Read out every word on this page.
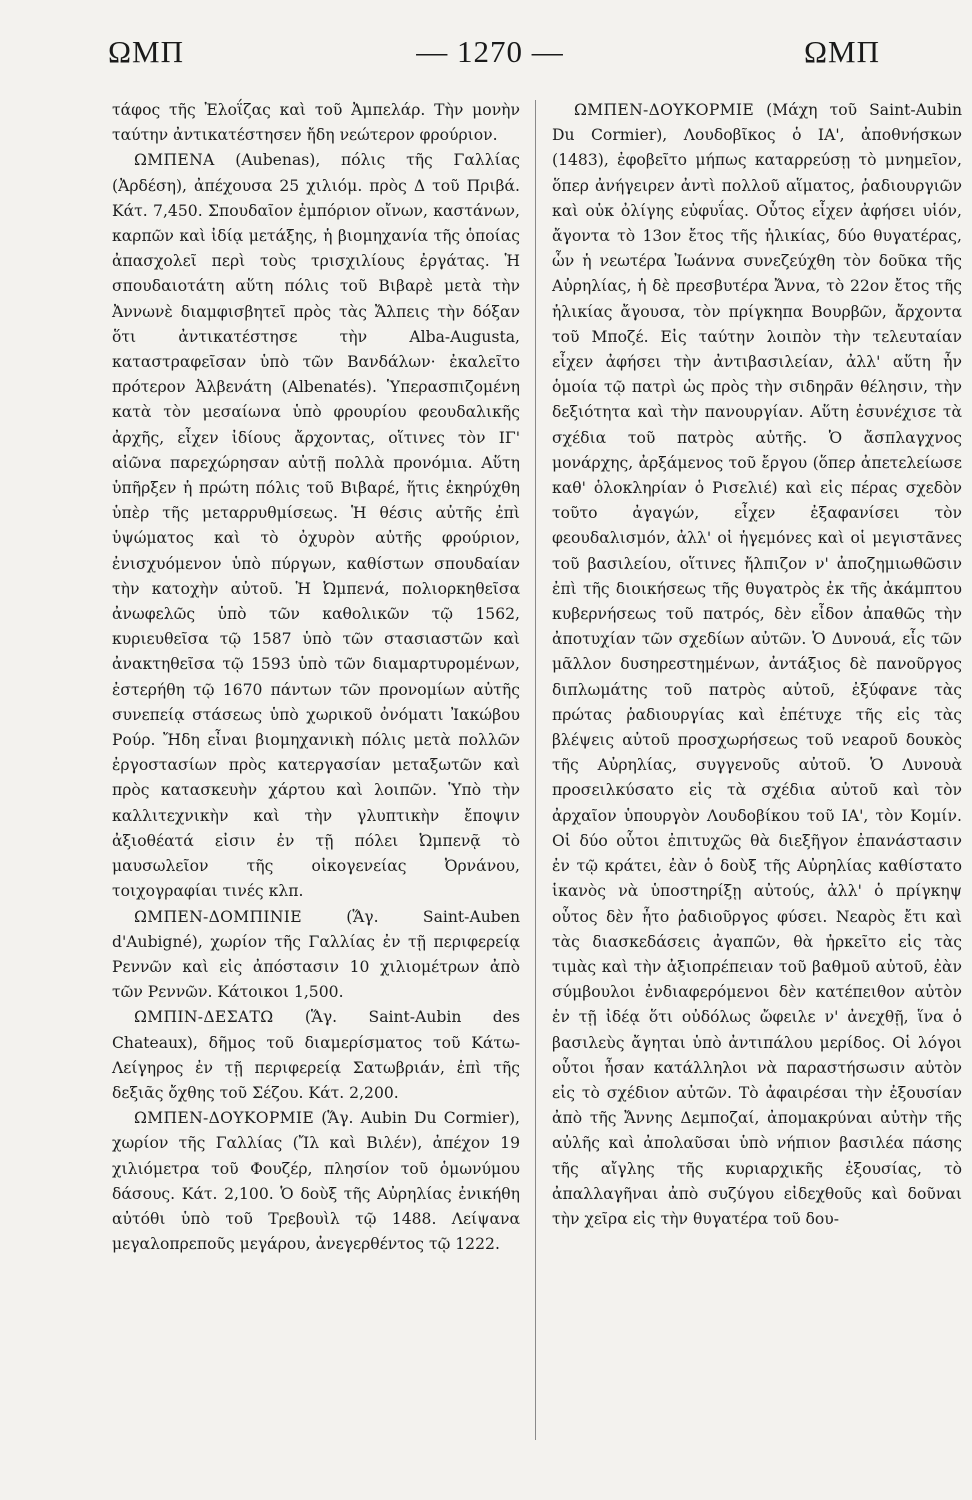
ΩΜΠ	— 1270 —	ΩΜΠ

τάφος τῆς Ἐλοΐζας καὶ τοῦ Ἀμπελάρ. Τὴν μονὴν ταύτην ἀντικατέστησεν ἤδη νεώτερον φρούριον.

ΩΜΠΕΝΑ (Aubenas), πόλις τῆς Γαλλίας (Ἀρδέση), ἀπέχουσα 25 χιλιόμ. πρὸς Δ τοῦ Πριβά. Κάτ. 7,450. Σπουδαῖον ἐμπόριον οἴνων, καστάνων, καρπῶν καὶ ἰδίᾳ μετάξης, ἡ βιομηχανία τῆς ὁποίας ἀπασχολεῖ περὶ τοὺς τρισχιλίους ἐργάτας. Ἡ σπουδαιοτάτη αὕτη πόλις τοῦ Βιβαρὲ μετὰ τὴν Ἀννωνὲ διαμφισβητεῖ πρὸς τὰς Ἄλπεις τὴν δόξαν ὅτι ἀντικατέστησε τὴν Alba-Augusta, καταστραφεῖσαν ὑπὸ τῶν Βανδάλων· ἐκαλεῖτο πρότερον Ἀλβενάτη (Albenatés). Ὑπερασπιζομένη κατὰ τὸν μεσαίωνα ὑπὸ φρουρίου φεουδαλικῆς ἀρχῆς, εἶχεν ἰδίους ἄρχοντας, οἵτινες τὸν ΙΓ' αἰῶνα παρεχώρησαν αὐτῇ πολλὰ προνόμια. Αὕτη ὑπῆρξεν ἡ πρώτη πόλις τοῦ Βιβαρέ, ἥτις ἐκηρύχθη ὑπὲρ τῆς μεταρρυθμίσεως. Ἡ θέσις αὐτῆς ἐπὶ ὑψώματος καὶ τὸ ὀχυρὸν αὐτῆς φρούριον, ἐνισχυόμενον ὑπὸ πύργων, καθίστων σπουδαίαν τὴν κατοχὴν αὐτοῦ. Ἡ Ὠμπενά, πολιορκηθεῖσα ἀνωφελῶς ὑπὸ τῶν καθολικῶν τῷ 1562, κυριευθεῖσα τῷ 1587 ὑπὸ τῶν στασιαστῶν καὶ ἀνακτηθεῖσα τῷ 1593 ὑπὸ τῶν διαμαρτυρομένων, ἐστερήθη τῷ 1670 πάντων τῶν προνομίων αὐτῆς συνεπείᾳ στάσεως ὑπὸ χωρικοῦ ὀνόματι Ἰακώβου Ρούρ. Ἤδη εἶναι βιομηχανικὴ πόλις μετὰ πολλῶν ἐργοστασίων πρὸς κατεργασίαν μεταξωτῶν καὶ πρὸς κατασκευὴν χάρτου καὶ λοιπῶν. Ὑπὸ τὴν καλλιτεχνικὴν καὶ τὴν γλυπτικὴν ἔποψιν ἀξιοθέατά εἰσιν ἐν τῇ πόλει Ὠμπενᾷ τὸ μαυσωλεῖον τῆς οἰκογενείας Ὀρνάνου, τοιχογραφίαι τινές κλπ.

ΩΜΠΕΝ-ΔΟΜΠΙΝΙΕ (Ἅγ. Saint-Auben d'Aubigné), χωρίον τῆς Γαλλίας ἐν τῇ περιφερείᾳ Ρεννῶν καὶ εἰς ἀπόστασιν 10 χιλιομέτρων ἀπὸ τῶν Ρεννῶν. Κάτοικοι 1,500.

ΩΜΠΙΝ-ΔΕΣΑΤΩ (Ἅγ. Saint-Aubin des Chateaux), δῆμος τοῦ διαμερίσματος τοῦ Κάτω-Λείγηρος ἐν τῇ περιφερείᾳ Σατωβριάν, ἐπὶ τῆς δεξιᾶς ὄχθης τοῦ Σέζου. Κάτ. 2,200.

ΩΜΠΕΝ-ΔΟΥΚΟΡΜΙΕ (Ἅγ. Aubin Du Cormier), χωρίον τῆς Γαλλίας (Ἴλ καὶ Βιλέν), ἀπέχον 19 χιλιόμετρα τοῦ Φουζέρ, πλησίον τοῦ ὁμωνύμου δάσους. Κάτ. 2,100. Ὁ δοὺξ τῆς Αὐρηλίας ἐνικήθη αὐτόθι ὑπὸ τοῦ Τρεβουὶλ τῷ 1488. Λείψανα μεγαλοπρεποῦς μεγάρου, ἀνεγερθέντος τῷ 1222.

ΩΜΠΕΝ-ΔΟΥΚΟΡΜΙΕ (Μάχη τοῦ Saint-Aubin Du Cormier), Λουδοβῖκος ὁ ΙΑ', ἀποθνήσκων (1483), ἐφοβεῖτο μήπως καταρρεύσῃ τὸ μνημεῖον, ὅπερ ἀνήγειρεν ἀντὶ πολλοῦ αἵματος, ῥαδιουργιῶν καὶ οὐκ ὀλίγης εὐφυΐας. Οὗτος εἶχεν ἀφήσει υἱόν, ἄγοντα τὸ 13ον ἔτος τῆς ἡλικίας, δύο θυγατέρας, ὧν ἡ νεωτέρα Ἰωάννα συνεζεύχθη τὸν δοῦκα τῆς Αὐρηλίας, ἡ δὲ πρεσβυτέρα Ἄννα, τὸ 22ον ἔτος τῆς ἡλικίας ἄγουσα, τὸν πρίγκηπα Βουρβῶν, ἄρχοντα τοῦ Μποζέ. Εἰς ταύτην λοιπὸν τὴν τελευταίαν εἶχεν ἀφήσει τὴν ἀντιβασιλείαν, ἀλλ' αὕτη ἦν ὁμοία τῷ πατρὶ ὡς πρὸς τὴν σιδηρᾶν θέλησιν, τὴν δεξιότητα καὶ τὴν πανουργίαν. Αὕτη ἐσυνέχισε τὰ σχέδια τοῦ πατρὸς αὐτῆς. Ὁ ἄσπλαγχνος μονάρχης, ἀρξάμενος τοῦ ἔργου (ὅπερ ἀπετελείωσε καθ' ὁλοκληρίαν ὁ Ρισελιέ) καὶ εἰς πέρας σχεδὸν τοῦτο ἀγαγών, εἶχεν ἐξαφανίσει τὸν φεουδαλισμόν, ἀλλ' οἱ ἡγεμόνες καὶ οἱ μεγιστᾶνες τοῦ βασιλείου, οἵτινες ἤλπιζον ν' ἀποζημιωθῶσιν ἐπὶ τῆς διοικήσεως τῆς θυγατρὸς ἐκ τῆς ἀκάμπτου κυβερνήσεως τοῦ πατρός, δὲν εἶδον ἀπαθῶς τὴν ἀποτυχίαν τῶν σχεδίων αὐτῶν. Ὁ Δυνουά, εἷς τῶν μᾶλλον δυσηρεστημένων, ἀντάξιος δὲ πανοῦργος διπλωμάτης τοῦ πατρὸς αὐτοῦ, ἐξύφανε τὰς πρώτας ῥαδιουργίας καὶ ἐπέτυχε τῆς εἰς τὰς βλέψεις αὐτοῦ προσχωρήσεως τοῦ νεαροῦ δουκὸς τῆς Αὐρηλίας, συγγενοῦς αὐτοῦ. Ὁ Λυνουὰ προσειλκύσατο εἰς τὰ σχέδια αὐτοῦ καὶ τὸν ἀρχαῖον ὑπουργὸν Λουδοβίκου τοῦ ΙΑ', τὸν Κομίν. Οἱ δύο οὗτοι ἐπιτυχῶς θὰ διεξῆγον ἐπανάστασιν ἐν τῷ κράτει, ἐὰν ὁ δοὺξ τῆς Αὐρηλίας καθίστατο ἱκανὸς νὰ ὑποστηρίξῃ αὐτούς, ἀλλ' ὁ πρίγκηψ οὗτος δὲν ἦτο ῥαδιοῦργος φύσει. Νεαρὸς ἔτι καὶ τὰς διασκεδάσεις ἀγαπῶν, θὰ ἠρκεῖτο εἰς τὰς τιμὰς καὶ τὴν ἀξιοπρέπειαν τοῦ βαθμοῦ αὐτοῦ, ἐὰν σύμβουλοι ἐνδιαφερόμενοι δὲν κατέπειθον αὐτὸν ἐν τῇ ἰδέᾳ ὅτι οὐδόλως ὤφειλε ν' ἀνεχθῇ, ἵνα ὁ βασιλεὺς ἄγηται ὑπὸ ἀντιπάλου μερίδος. Οἱ λόγοι οὗτοι ἦσαν κατάλληλοι νὰ παραστήσωσιν αὐτὸν εἰς τὸ σχέδιον αὐτῶν. Τὸ ἀφαιρέσαι τὴν ἐξουσίαν ἀπὸ τῆς Ἄννης Δεμποζαί, ἀπομακρύναι αὐτὴν τῆς αὐλῆς καὶ ἀπολαῦσαι ὑπὸ νήπιον βασιλέα πάσης τῆς αἴγλης τῆς κυριαρχικῆς ἐξουσίας, τὸ ἀπαλλαγῆναι ἀπὸ συζύγου εἰδεχθοῦς καὶ δοῦναι τὴν χεῖρα εἰς τὴν θυγατέρα τοῦ δου-
